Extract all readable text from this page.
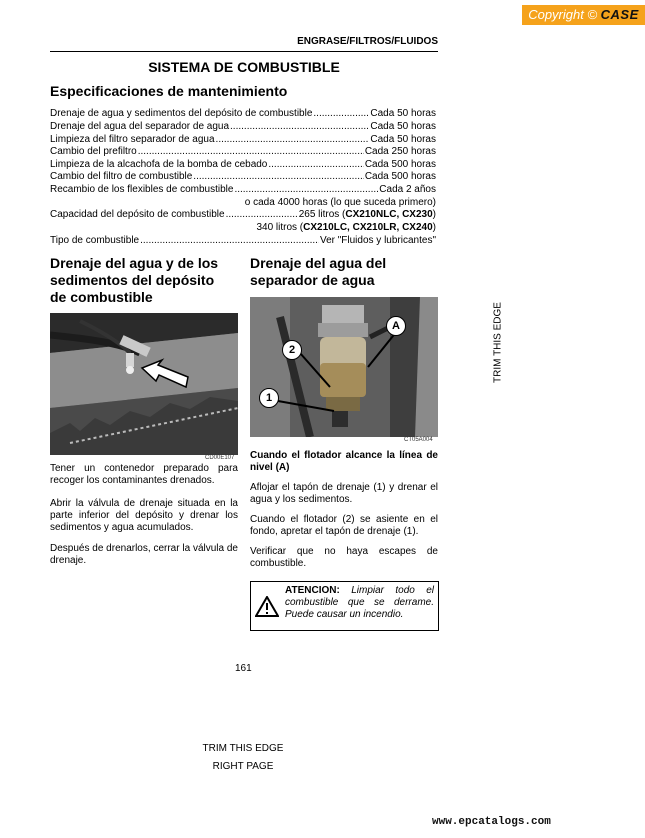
Copyright © CASE
ENGRASE/FILTROS/FLUIDOS
SISTEMA DE COMBUSTIBLE
Especificaciones de mantenimiento
Drenaje de agua y sedimentos del depósito de combustible .....	Cada 50 horas
Drenaje del agua del separador de agua .....	Cada 50 horas
Limpieza del filtro separador de agua .....	Cada 50 horas
Cambio del prefiltro .....	Cada 250 horas
Limpieza de la alcachofa de la bomba de cebado .....	Cada 500 horas
Cambio del filtro de combustible .....	Cada 500 horas
Recambio de los flexibles de combustible .....	Cada 2 años
o cada 4000 horas (lo que suceda primero)
Capacidad del depósito de combustible .....	265 litros (CX210NLC, CX230)
340 litros (CX210LC, CX210LR, CX240)
Tipo de combustible .....	Ver "Fluidos y lubricantes"
Drenaje del agua y de los
sedimentos del depósito
de combustible
CD00E107
Tener un contenedor preparado para recoger los contaminantes drenados.
Abrir la válvula de drenaje situada en la parte inferior del depósito y drenar los sedimentos y agua acumulados.
Después de drenarlos, cerrar la válvula de drenaje.
Drenaje del agua del
separador de agua
A
2
1
CT05A004
Cuando el flotador alcance la línea de nivel (A)
Aflojar el tapón de drenaje (1) y drenar el agua y los sedimentos.
Cuando el flotador (2) se asiente en el fondo, apretar el tapón de drenaje (1).
Verificar que no haya escapes de combustible.
ATENCION: Limpiar todo el combustible que se derrame. Puede causar un incendio.
161
TRIM THIS EDGE
TRIM THIS EDGE
RIGHT PAGE
www.epcatalogs.com
